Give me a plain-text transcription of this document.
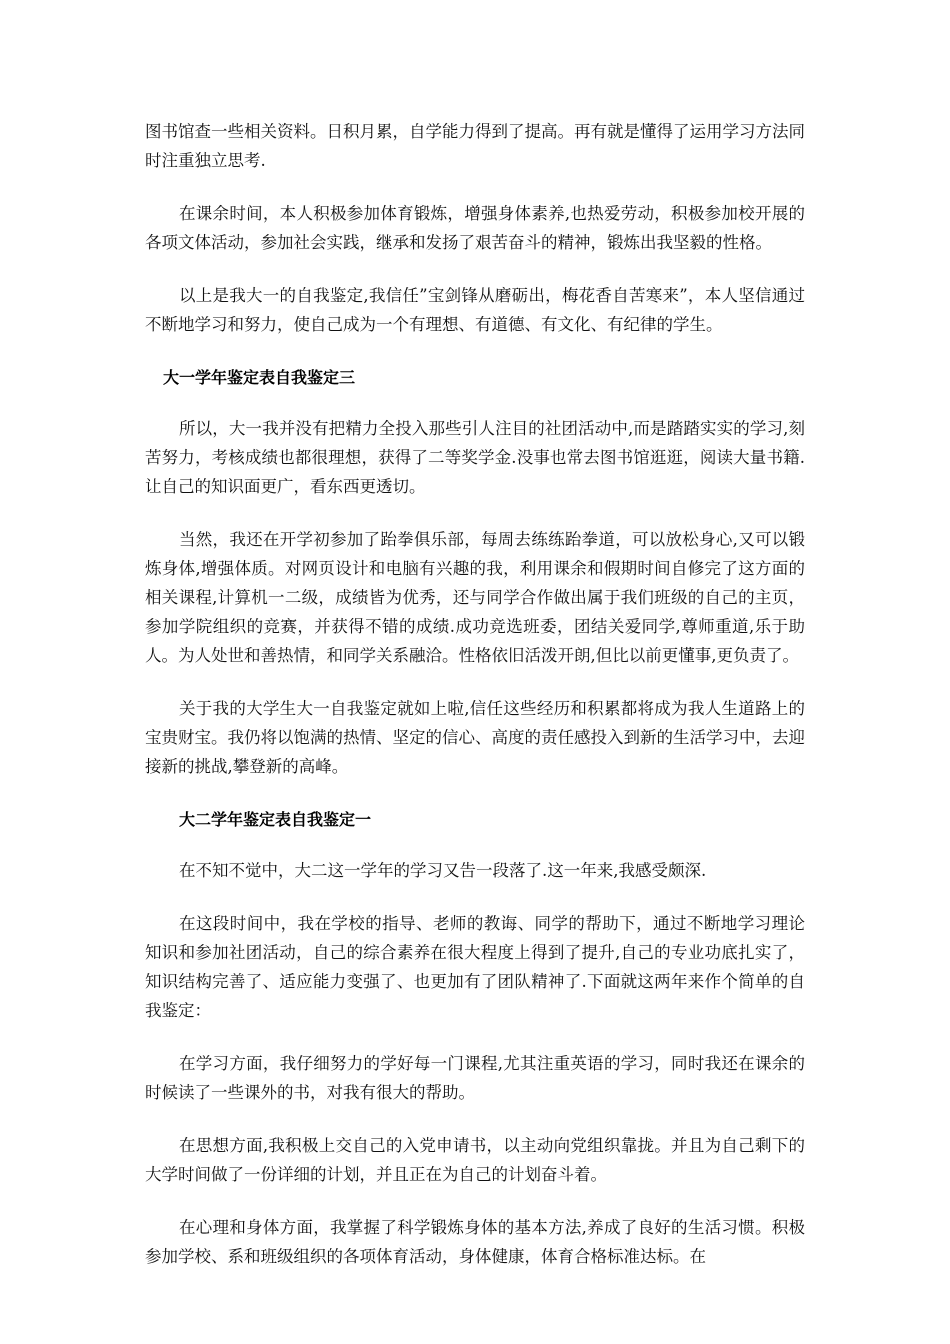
图书馆查一些相关资料。日积月累，自学能力得到了提高。再有就是懂得了运用学习方法同时注重独立思考.

在课余时间，本人积极参加体育锻炼，增强身体素养,也热爱劳动，积极参加校开展的各项文体活动，参加社会实践，继承和发扬了艰苦奋斗的精神，锻炼出我坚毅的性格。

以上是我大一的自我鉴定,我信任”宝剑锋从磨砺出，梅花香自苦寒来”，本人坚信通过不断地学习和努力，使自己成为一个有理想、有道德、有文化、有纪律的学生。

大一学年鉴定表自我鉴定三

所以，大一我并没有把精力全投入那些引人注目的社团活动中,而是踏踏实实的学习,刻苦努力，考核成绩也都很理想，获得了二等奖学金.没事也常去图书馆逛逛，阅读大量书籍.让自己的知识面更广，看东西更透切。

当然，我还在开学初参加了跆拳俱乐部，每周去练练跆拳道，可以放松身心,又可以锻炼身体,增强体质。对网页设计和电脑有兴趣的我，利用课余和假期时间自修完了这方面的相关课程,计算机一二级，成绩皆为优秀，还与同学合作做出属于我们班级的自己的主页，参加学院组织的竞赛，并获得不错的成绩.成功竞选班委，团结关爱同学,尊师重道,乐于助人。为人处世和善热情，和同学关系融洽。性格依旧活泼开朗,但比以前更懂事,更负责了。

关于我的大学生大一自我鉴定就如上啦,信任这些经历和积累都将成为我人生道路上的宝贵财宝。我仍将以饱满的热情、坚定的信心、高度的责任感投入到新的生活学习中，去迎接新的挑战,攀登新的高峰。

大二学年鉴定表自我鉴定一

在不知不觉中，大二这一学年的学习又告一段落了.这一年来,我感受颇深.

在这段时间中，我在学校的指导、老师的教诲、同学的帮助下，通过不断地学习理论知识和参加社团活动，自己的综合素养在很大程度上得到了提升,自己的专业功底扎实了，知识结构完善了、适应能力变强了、也更加有了团队精神了.下面就这两年来作个简单的自我鉴定：

在学习方面，我仔细努力的学好每一门课程,尤其注重英语的学习，同时我还在课余的时候读了一些课外的书，对我有很大的帮助。

在思想方面,我积极上交自己的入党申请书，以主动向党组织靠拢。并且为自己剩下的大学时间做了一份详细的计划，并且正在为自己的计划奋斗着。

在心理和身体方面，我掌握了科学锻炼身体的基本方法,养成了良好的生活习惯。积极参加学校、系和班级组织的各项体育活动，身体健康，体育合格标准达标。在
